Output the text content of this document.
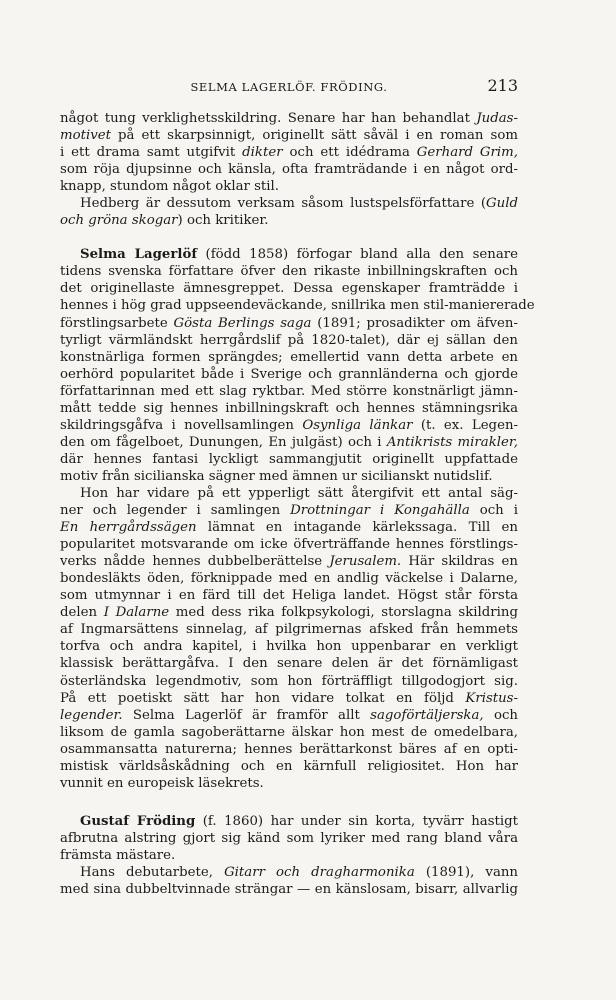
SELMA LAGERLÖF. FRÖDING.	213
något tung verklighetsskildring. Senare har han behandlat Judas-
motivet på ett skarpsinnigt, originellt sätt såväl i en roman som
i ett drama samt utgifvit dikter och ett idédrama Gerhard Grim,
som röja djupsinne och känsla, ofta framträdande i en något ord-
knapp, stundom något oklar stil.
Hedberg är dessutom verksam såsom lustspelsförfattare (Guld
och gröna skogar) och kritiker.
Selma Lagerlöf (född 1858) förfogar bland alla den senare
tidens svenska författare öfver den rikaste inbillningskraften och
det originellaste ämnesgreppet. Dessa egenskaper framträdde i
hennes i hög grad uppseendeväckande, snillrika men stil-maniererade
förstlingsarbete Gösta Berlings saga (1891; prosadikter om äfven-
tyrligt värmländskt herrgårdslif på 1820-talet), där ej sällan den
konstnärliga formen sprängdes; emellertid vann detta arbete en
oerhörd popularitet både i Sverige och grannländerna och gjorde
författarinnan med ett slag ryktbar. Med större konstnärligt jämn-
mått tedde sig hennes inbillningskraft och hennes stämningsrika
skildringsgåfva i novellsamlingen Osynliga länkar (t. ex. Legen-
den om fågelboet, Dunungen, En julgäst) och i Antikrists mirakler,
där hennes fantasi lyckligt sammangjutit originellt uppfattade
motiv från sicilianska sägner med ämnen ur sicilianskt nutidslif.
Hon har vidare på ett ypperligt sätt återgifvit ett antal säg-
ner och legender i samlingen Drottningar i Kongahälla och i
En herrgårdssägen lämnat en intagande kärlekssaga. Till en
popularitet motsvarande om icke öfverträffande hennes förstlings-
verks nådde hennes dubbelberättelse Jerusalem. Här skildras en
bondesläkts öden, förknippade med en andlig väckelse i Dalarne,
som utmynnar i en färd till det Heliga landet. Högst står första
delen I Dalarne med dess rika folkpsykologi, storslagna skildring
af Ingmarsättens sinnelag, af pilgrimernas afsked från hemmets
torfva och andra kapitel, i hvilka hon uppenbarar en verkligt
klassisk berättargåfva. I den senare delen är det förnämligast
österländska legendmotiv, som hon förträffligt tillgodogjort sig.
På ett poetiskt sätt har hon vidare tolkat en följd Kristus-
legender. Selma Lagerlöf är framför allt sagoförtäljerska, och
liksom de gamla sagoberättarne älskar hon mest de omedelbara,
osammansatta naturerna; hennes berättarkonst bäres af en opti-
mistisk världsåskådning och en kärnfull religiositet. Hon har
vunnit en europeisk läsekrets.
Gustaf Fröding (f. 1860) har under sin korta, tyvärr hastigt
afbrutna alstring gjort sig känd som lyriker med rang bland våra
främsta mästare.
Hans debutarbete, Gitarr och dragharmonika (1891), vann
med sina dubbeltvinnade strängar — en känslosam, bisarr, allvarlig
